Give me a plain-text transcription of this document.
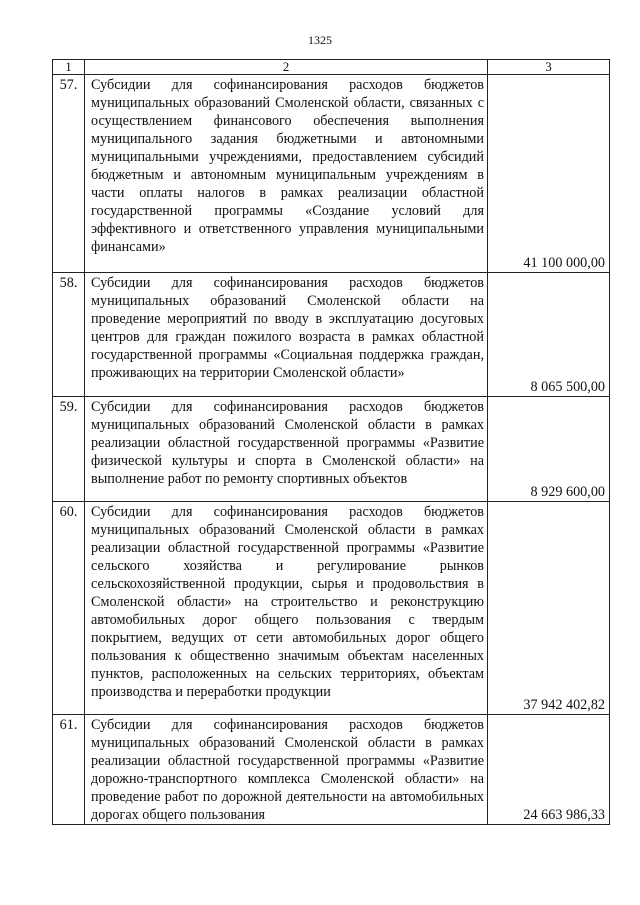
1325
1	2	3
57.	Субсидии для софинансирования расходов бюджетов муниципальных образований Смоленской области, связанных с осуществлением финансового обеспечения выполнения муниципального задания бюджетными и автономными муниципальными учреждениями, предоставлением субсидий бюджетным и автономным муниципальным учреждениям в части оплаты налогов в рамках реализации областной государственной программы «Создание условий для эффективного и ответственного управления муниципальными финансами»	41 100 000,00
58.	Субсидии для софинансирования расходов бюджетов муниципальных образований Смоленской области на проведение мероприятий по вводу в эксплуатацию досуговых центров для граждан пожилого возраста в рамках областной государственной программы «Социальная поддержка граждан, проживающих на территории Смоленской области»	8 065 500,00
59.	Субсидии для софинансирования расходов бюджетов муниципальных образований Смоленской области в рамках реализации областной государственной программы «Развитие физической культуры и спорта в Смоленской области» на выполнение работ по ремонту спортивных объектов	8 929 600,00
60.	Субсидии для софинансирования расходов бюджетов муниципальных образований Смоленской области в рамках реализации областной государственной программы «Развитие сельского хозяйства и регулирование рынков сельскохозяйственной продукции, сырья и продовольствия в Смоленской области» на строительство и реконструкцию автомобильных дорог общего пользования с твердым покрытием, ведущих от сети автомобильных дорог общего пользования к общественно значимым объектам населенных пунктов, расположенных на сельских территориях, объектам производства и переработки продукции	37 942 402,82
61.	Субсидии для софинансирования расходов бюджетов муниципальных образований Смоленской области в рамках реализации областной государственной программы «Развитие дорожно-транспортного комплекса Смоленской области» на проведение работ по дорожной деятельности на автомобильных дорогах общего пользования	24 663 986,33
